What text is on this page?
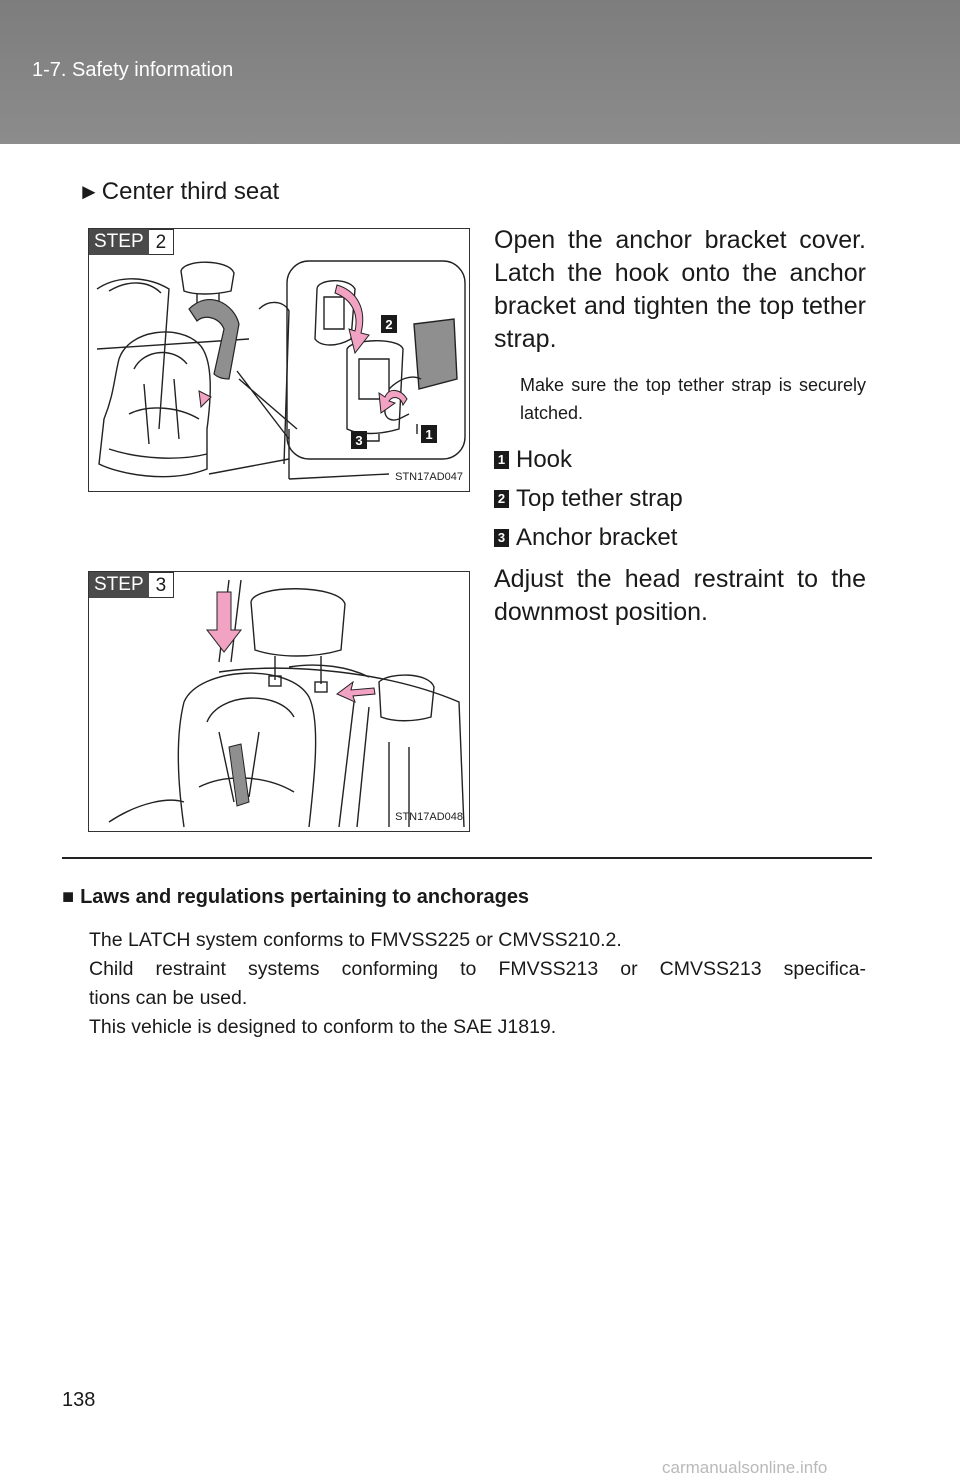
1-7. Safety information
►Center third seat
STEP 2
2
3	1
STN17AD047
Open the anchor bracket cover. Latch the hook onto the anchor bracket and tighten the top tether strap.
Make sure the top tether strap is securely latched.
1 Hook
2 Top tether strap
3 Anchor bracket
STEP 3
STN17AD048
Adjust the head restraint to the downmost position.
■ Laws and regulations pertaining to anchorages

The LATCH system conforms to FMVSS225 or CMVSS210.2.

Child restraint systems conforming to FMVSS213 or CMVSS213 specifica-

tions can be used.

This vehicle is designed to conform to the SAE J1819.

138
carmanualsonline.info
